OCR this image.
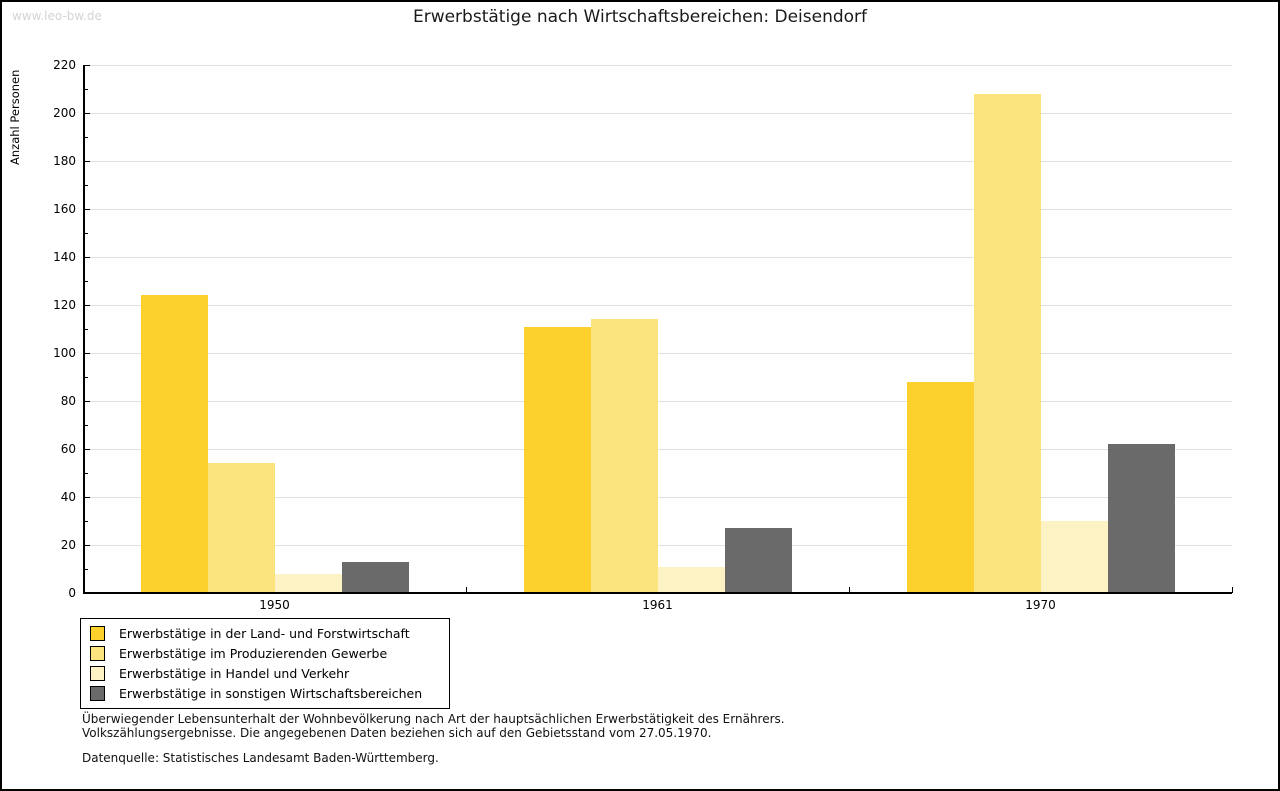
www.leo-bw.de	Erwerbstätige nach Wirtschaftsbereichen: Deisendorf
Anzahl Personen
1950	1961	1970
0
20
40
60
80
100
120
140
160
180
200
220
Erwerbstätige in der Land- und Forstwirtschaft
Erwerbstätige im Produzierenden Gewerbe
Erwerbstätige in Handel und Verkehr
Erwerbstätige in sonstigen Wirtschaftsbereichen
Überwiegender Lebensunterhalt der Wohnbevölkerung nach Art der hauptsächlichen Erwerbstätigkeit des Ernährers.
Volkszählungsergebnisse. Die angegebenen Daten beziehen sich auf den Gebietsstand vom 27.05.1970.
Datenquelle: Statistisches Landesamt Baden-Württemberg.
